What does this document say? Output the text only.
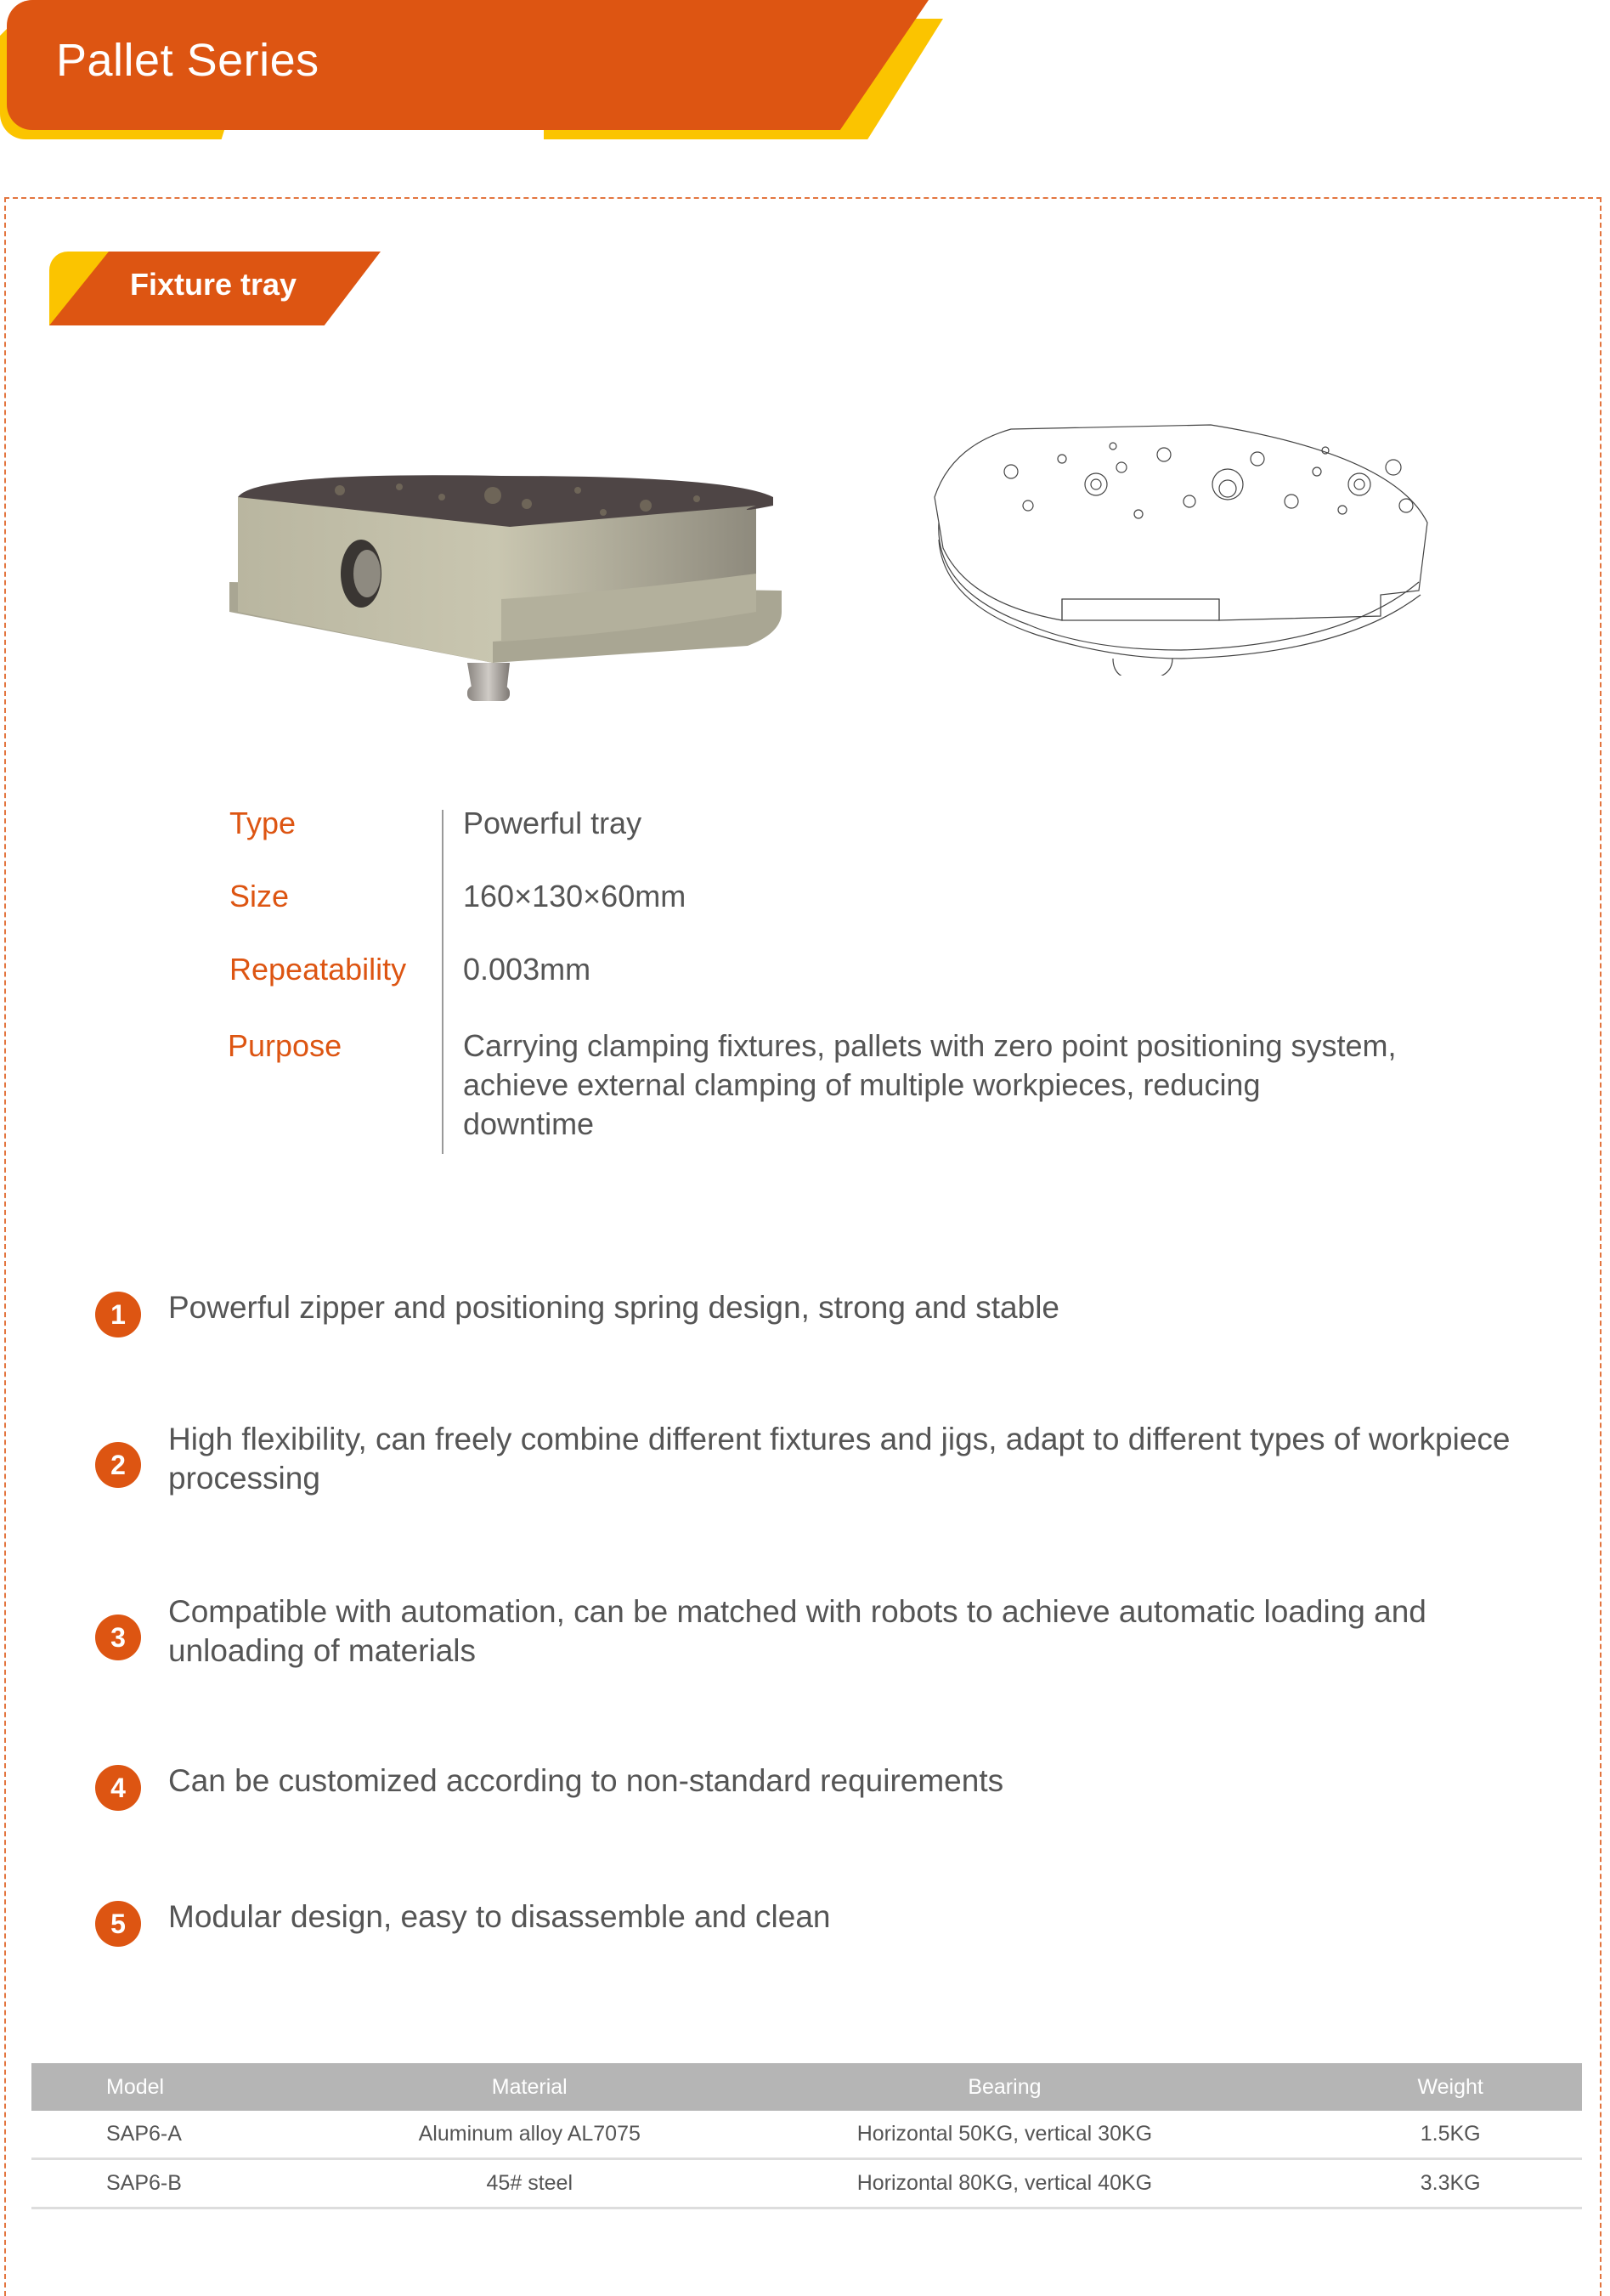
Pallet Series
Fixture tray
Type	Powerful tray
Size	160×130×60mm
Repeatability 0.003mm
Purpose	Carrying clamping fixtures, pallets with zero point positioning system, achieve external clamping of multiple workpieces, reducing downtime
1	Powerful zipper and positioning spring design, strong and stable
2
High flexibility, can freely combine different fixtures and jigs, adapt to different types of workpiece processing
3
Compatible with automation, can be matched with robots to achieve automatic loading and unloading of materials
4	Can be customized according to non-standard requirements
5	Modular design, easy to disassemble and clean
Model	Material	Bearing	Weight
SAP6-A	Aluminum alloy AL7075	Horizontal 50KG, vertical 30KG	1.5KG
SAP6-B	45# steel	Horizontal 80KG, vertical 40KG	3.3KG
